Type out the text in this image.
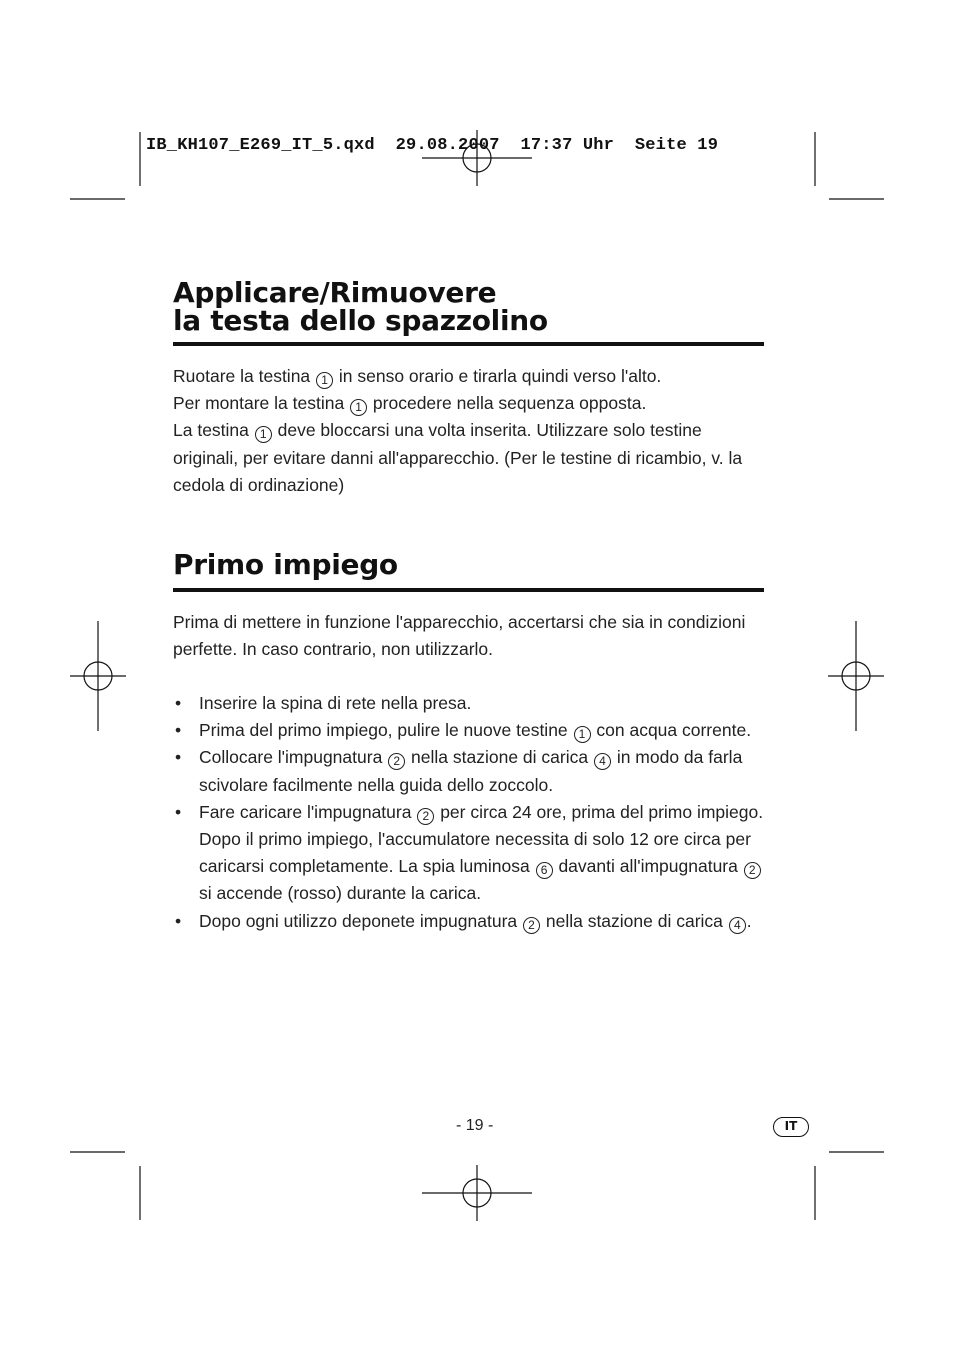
IB_KH107_E269_IT_5.qxd  29.08.2007  17:37 Uhr  Seite 19
Applicare/Rimuovere
la testa dello spazzolino

Ruotare la testina 1 in senso orario e tirarla quindi verso l'alto.

Per montare la testina 1 procedere nella sequenza opposta.

La testina 1 deve bloccarsi una volta inserita. Utilizzare solo testine originali, per evitare danni all'apparecchio. (Per le testine di ricambio, v. la cedola di ordinazione)

Primo impiego

Prima di mettere in funzione l'apparecchio, accertarsi che sia in condizioni perfette. In caso contrario, non utilizzarlo.

• Inserire la spina di rete nella presa.
• Prima del primo impiego, pulire le nuove testine 1 con acqua corrente.
• Collocare l'impugnatura 2 nella stazione di carica 4 in modo da farla scivolare facilmente nella guida dello zoccolo.
• Fare caricare l'impugnatura 2 per circa 24 ore, prima del primo impiego. Dopo il primo impiego, l'accumulatore necessita di solo 12 ore circa per caricarsi completamente. La spia luminosa 6 davanti all'impugnatura 2 si accende (rosso) durante la carica.
• Dopo ogni utilizzo deponete impugnatura 2 nella stazione di carica 4 .
- 19 -	IT
